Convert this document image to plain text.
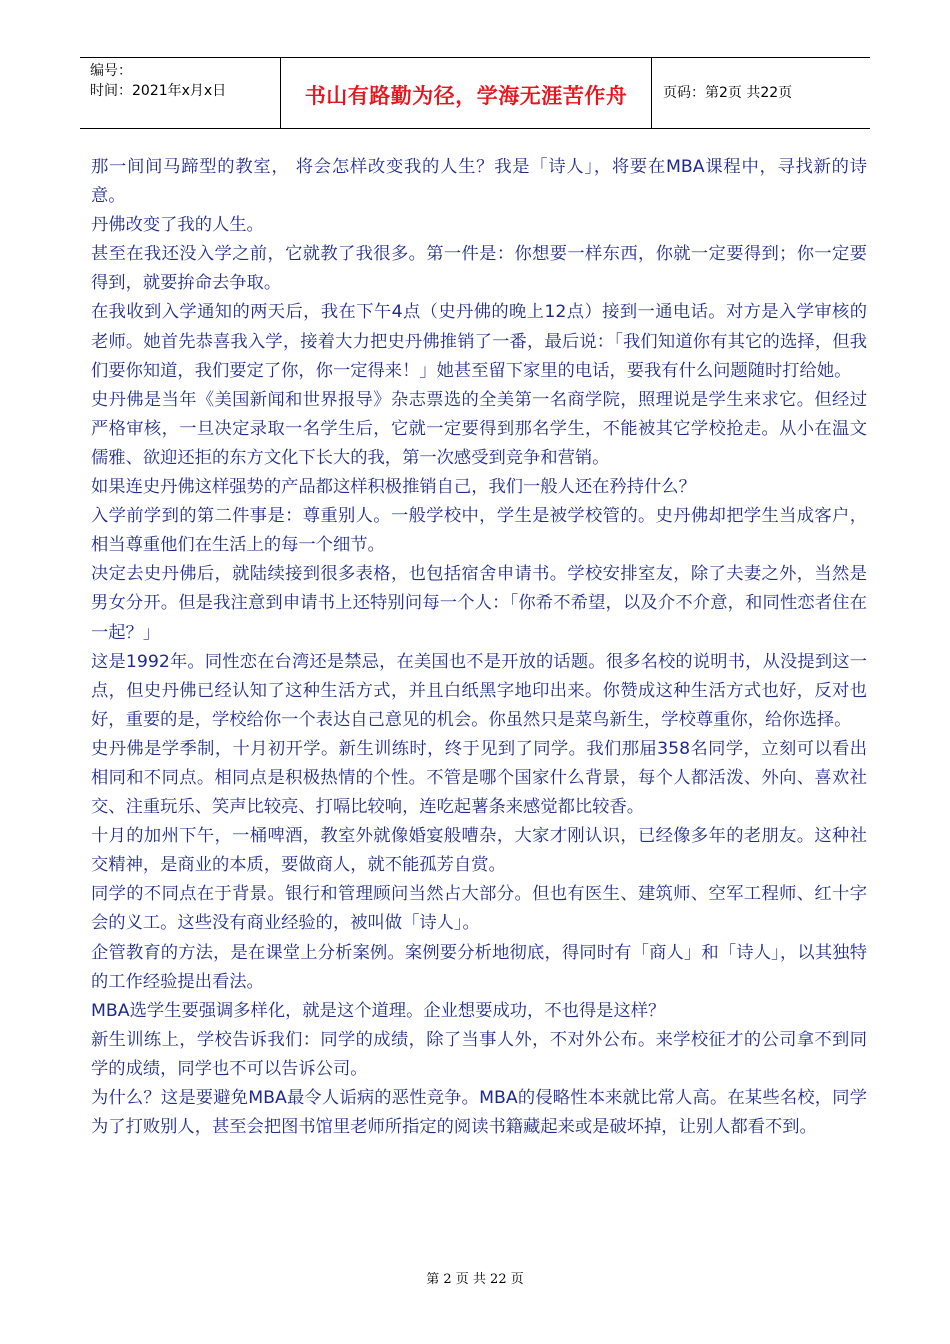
编号：
时间：2021年x月x日	书山有路勤为径，学海无涯苦作舟	页码：第2页 共22页

那一间间马蹄型的教室， 将会怎样改变我的人生？我是「诗人」，将要在MBA课程中，寻找新的诗意。

丹佛改变了我的人生。

甚至在我还没入学之前，它就教了我很多。第一件是：你想要一样东西，你就一定要得到；你一定要得到，就要拚命去争取。

在我收到入学通知的两天后，我在下午4点（史丹佛的晚上12点）接到一通电话。对方是入学审核的老师。她首先恭喜我入学，接着大力把史丹佛推销了一番，最后说：「我们知道你有其它的选择，但我们要你知道，我们要定了你，你一定得来！」她甚至留下家里的电话，要我有什么问题随时打给她。

史丹佛是当年《美国新闻和世界报导》杂志票选的全美第一名商学院，照理说是学生来求它。但经过严格审核，一旦决定录取一名学生后，它就一定要得到那名学生，不能被其它学校抢走。从小在温文儒雅、欲迎还拒的东方文化下长大的我，第一次感受到竞争和营销。

如果连史丹佛这样强势的产品都这样积极推销自己，我们一般人还在矜持什么？

入学前学到的第二件事是：尊重别人。一般学校中，学生是被学校管的。史丹佛却把学生当成客户，相当尊重他们在生活上的每一个细节。

决定去史丹佛后，就陆续接到很多表格，也包括宿舍申请书。学校安排室友，除了夫妻之外，当然是男女分开。但是我注意到申请书上还特别问每一个人：「你希不希望，以及介不介意，和同性恋者住在一起？」

这是1992年。同性恋在台湾还是禁忌，在美国也不是开放的话题。很多名校的说明书，从没提到这一点，但史丹佛已经认知了这种生活方式，并且白纸黑字地印出来。你赞成这种生活方式也好，反对也好，重要的是，学校给你一个表达自己意见的机会。你虽然只是菜鸟新生，学校尊重你，给你选择。

史丹佛是学季制，十月初开学。新生训练时，终于见到了同学。我们那届358名同学，立刻可以看出相同和不同点。相同点是积极热情的个性。不管是哪个国家什么背景，每个人都活泼、外向、喜欢社交、注重玩乐、笑声比较亮、打嗝比较响，连吃起薯条来感觉都比较香。

十月的加州下午，一桶啤酒，教室外就像婚宴般嘈杂，大家才刚认识，已经像多年的老朋友。这种社交精神，是商业的本质，要做商人，就不能孤芳自赏。

同学的不同点在于背景。银行和管理顾问当然占大部分。但也有医生、建筑师、空军工程师、红十字会的义工。这些没有商业经验的，被叫做「诗人」。

企管教育的方法，是在课堂上分析案例。案例要分析地彻底，得同时有「商人」和「诗人」，以其独特的工作经验提出看法。

MBA选学生要强调多样化，就是这个道理。企业想要成功，不也得是这样？

新生训练上，学校告诉我们：同学的成绩，除了当事人外，不对外公布。来学校征才的公司拿不到同学的成绩，同学也不可以告诉公司。

为什么？这是要避免MBA最令人诟病的恶性竞争。MBA的侵略性本来就比常人高。在某些名校，同学为了打败别人，甚至会把图书馆里老师所指定的阅读书籍藏起来或是破坏掉，让别人都看不到。

第 2 页 共 22 页
